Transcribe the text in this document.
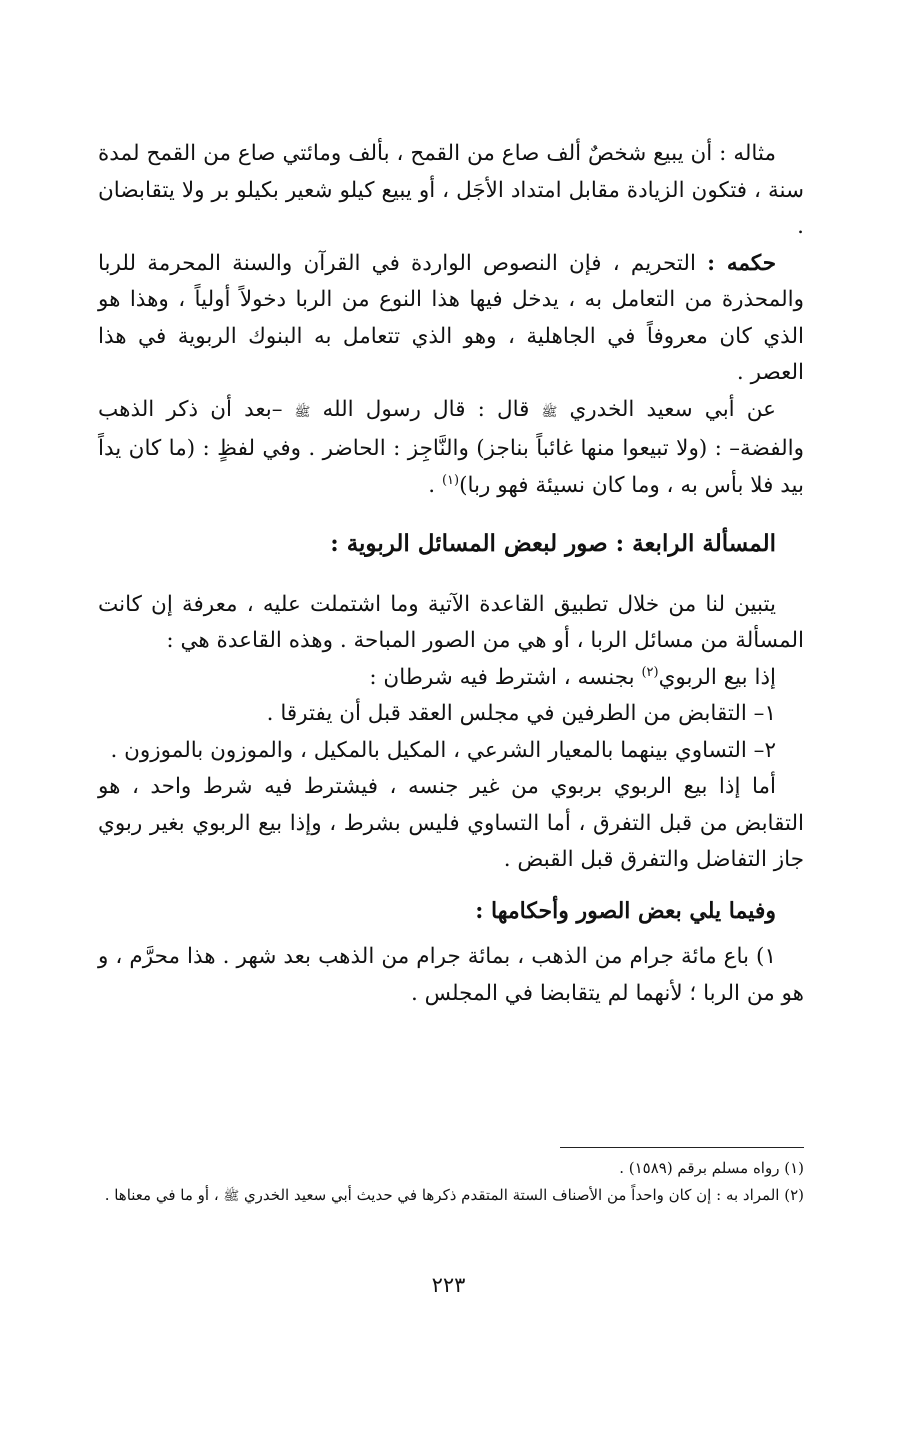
مثاله : أن يبيع شخصٌ ألف صاع من القمح ، بألف ومائتي صاع من القمح لمدة سنة ، فتكون الزيادة مقابل امتداد الأجَل ، أو يبيع كيلو شعير بكيلو بر ولا يتقابضان .

حكمه : التحريم ، فإن النصوص الواردة في القرآن والسنة المحرمة للربا والمحذرة من التعامل به ، يدخل فيها هذا النوع من الربا دخولاً أولياً ، وهذا هو الذي كان معروفاً في الجاهلية ، وهو الذي تتعامل به البنوك الربوية في هذا العصر .

عن أبي سعيد الخدري ﷺ قال : قال رسول الله ﷺ –بعد أن ذكر الذهب والفضة– : (ولا تبيعوا منها غائباً بناجز) والنَّاجِز : الحاضر . وفي لفظٍ : (ما كان يداً بيد فلا بأس به ، وما كان نسيئة فهو ربا)$^{(١)}$ .

المسألة الرابعة : صور لبعض المسائل الربوية :

يتبين لنا من خلال تطبيق القاعدة الآتية وما اشتملت عليه ، معرفة إن كانت المسألة من مسائل الربا ، أو هي من الصور المباحة . وهذه القاعدة هي :

إذا بيع الربوي$^{(٢)}$ بجنسه ، اشترط فيه شرطان :

١– التقابض من الطرفين في مجلس العقد قبل أن يفترقا .

٢– التساوي بينهما بالمعيار الشرعي ، المكيل بالمكيل ، والموزون بالموزون .

أما إذا بيع الربوي بربوي من غير جنسه ، فيشترط فيه شرط واحد ، هو التقابض من قبل التفرق ، أما التساوي فليس بشرط ، وإذا بيع الربوي بغير ربوي جاز التفاضل والتفرق قبل القبض .

وفيما يلي بعض الصور وأحكامها :

١) باع مائة جرام من الذهب ، بمائة جرام من الذهب بعد شهر . هذا محرَّم ، و هو من الربا ؛ لأنهما لم يتقابضا في المجلس .

(١) رواه مسلم برقم (١٥٨٩) .

(٢) المراد به : إن كان واحداً من الأصناف الستة المتقدم ذكرها في حديث أبي سعيد الخدري ﷺ ، أو ما في معناها .

٢٢٣
